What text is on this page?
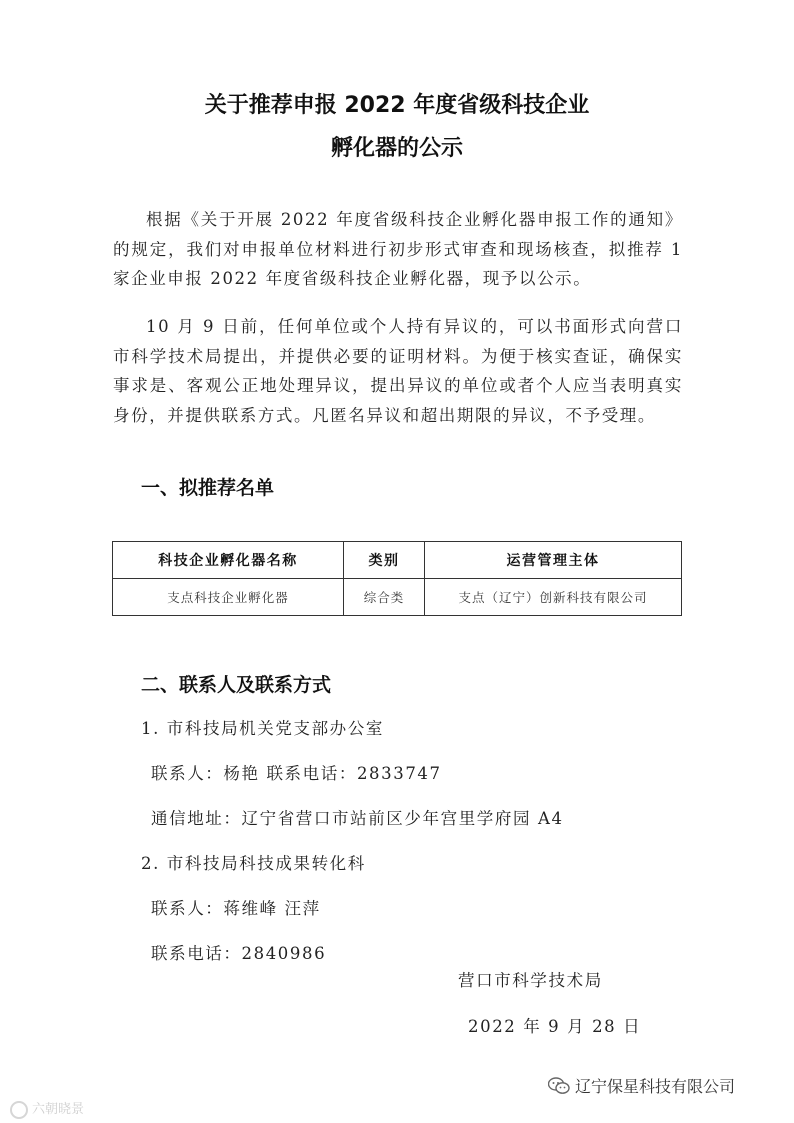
关于推荐申报 2022 年度省级科技企业
孵化器的公示
根据《关于开展 2022 年度省级科技企业孵化器申报工作的通知》的规定，我们对申报单位材料进行初步形式审查和现场核查，拟推荐 1 家企业申报 2022 年度省级科技企业孵化器，现予以公示。
10 月 9 日前，任何单位或个人持有异议的，可以书面形式向营口市科学技术局提出，并提供必要的证明材料。为便于核实查证，确保实事求是、客观公正地处理异议，提出异议的单位或者个人应当表明真实身份，并提供联系方式。凡匿名异议和超出期限的异议，不予受理。
一、拟推荐名单
科技企业孵化器名称	类别	运营管理主体
支点科技企业孵化器	综合类	支点（辽宁）创新科技有限公司
二、联系人及联系方式
1. 市科技局机关党支部办公室
联系人：杨艳 联系电话：2833747
通信地址：辽宁省营口市站前区少年宫里学府园 A4
2. 市科技局科技成果转化科
联系人：蒋维峰 汪萍
联系电话：2840986
营口市科学技术局
2022 年 9 月 28 日
六朝晓景
辽宁保星科技有限公司
